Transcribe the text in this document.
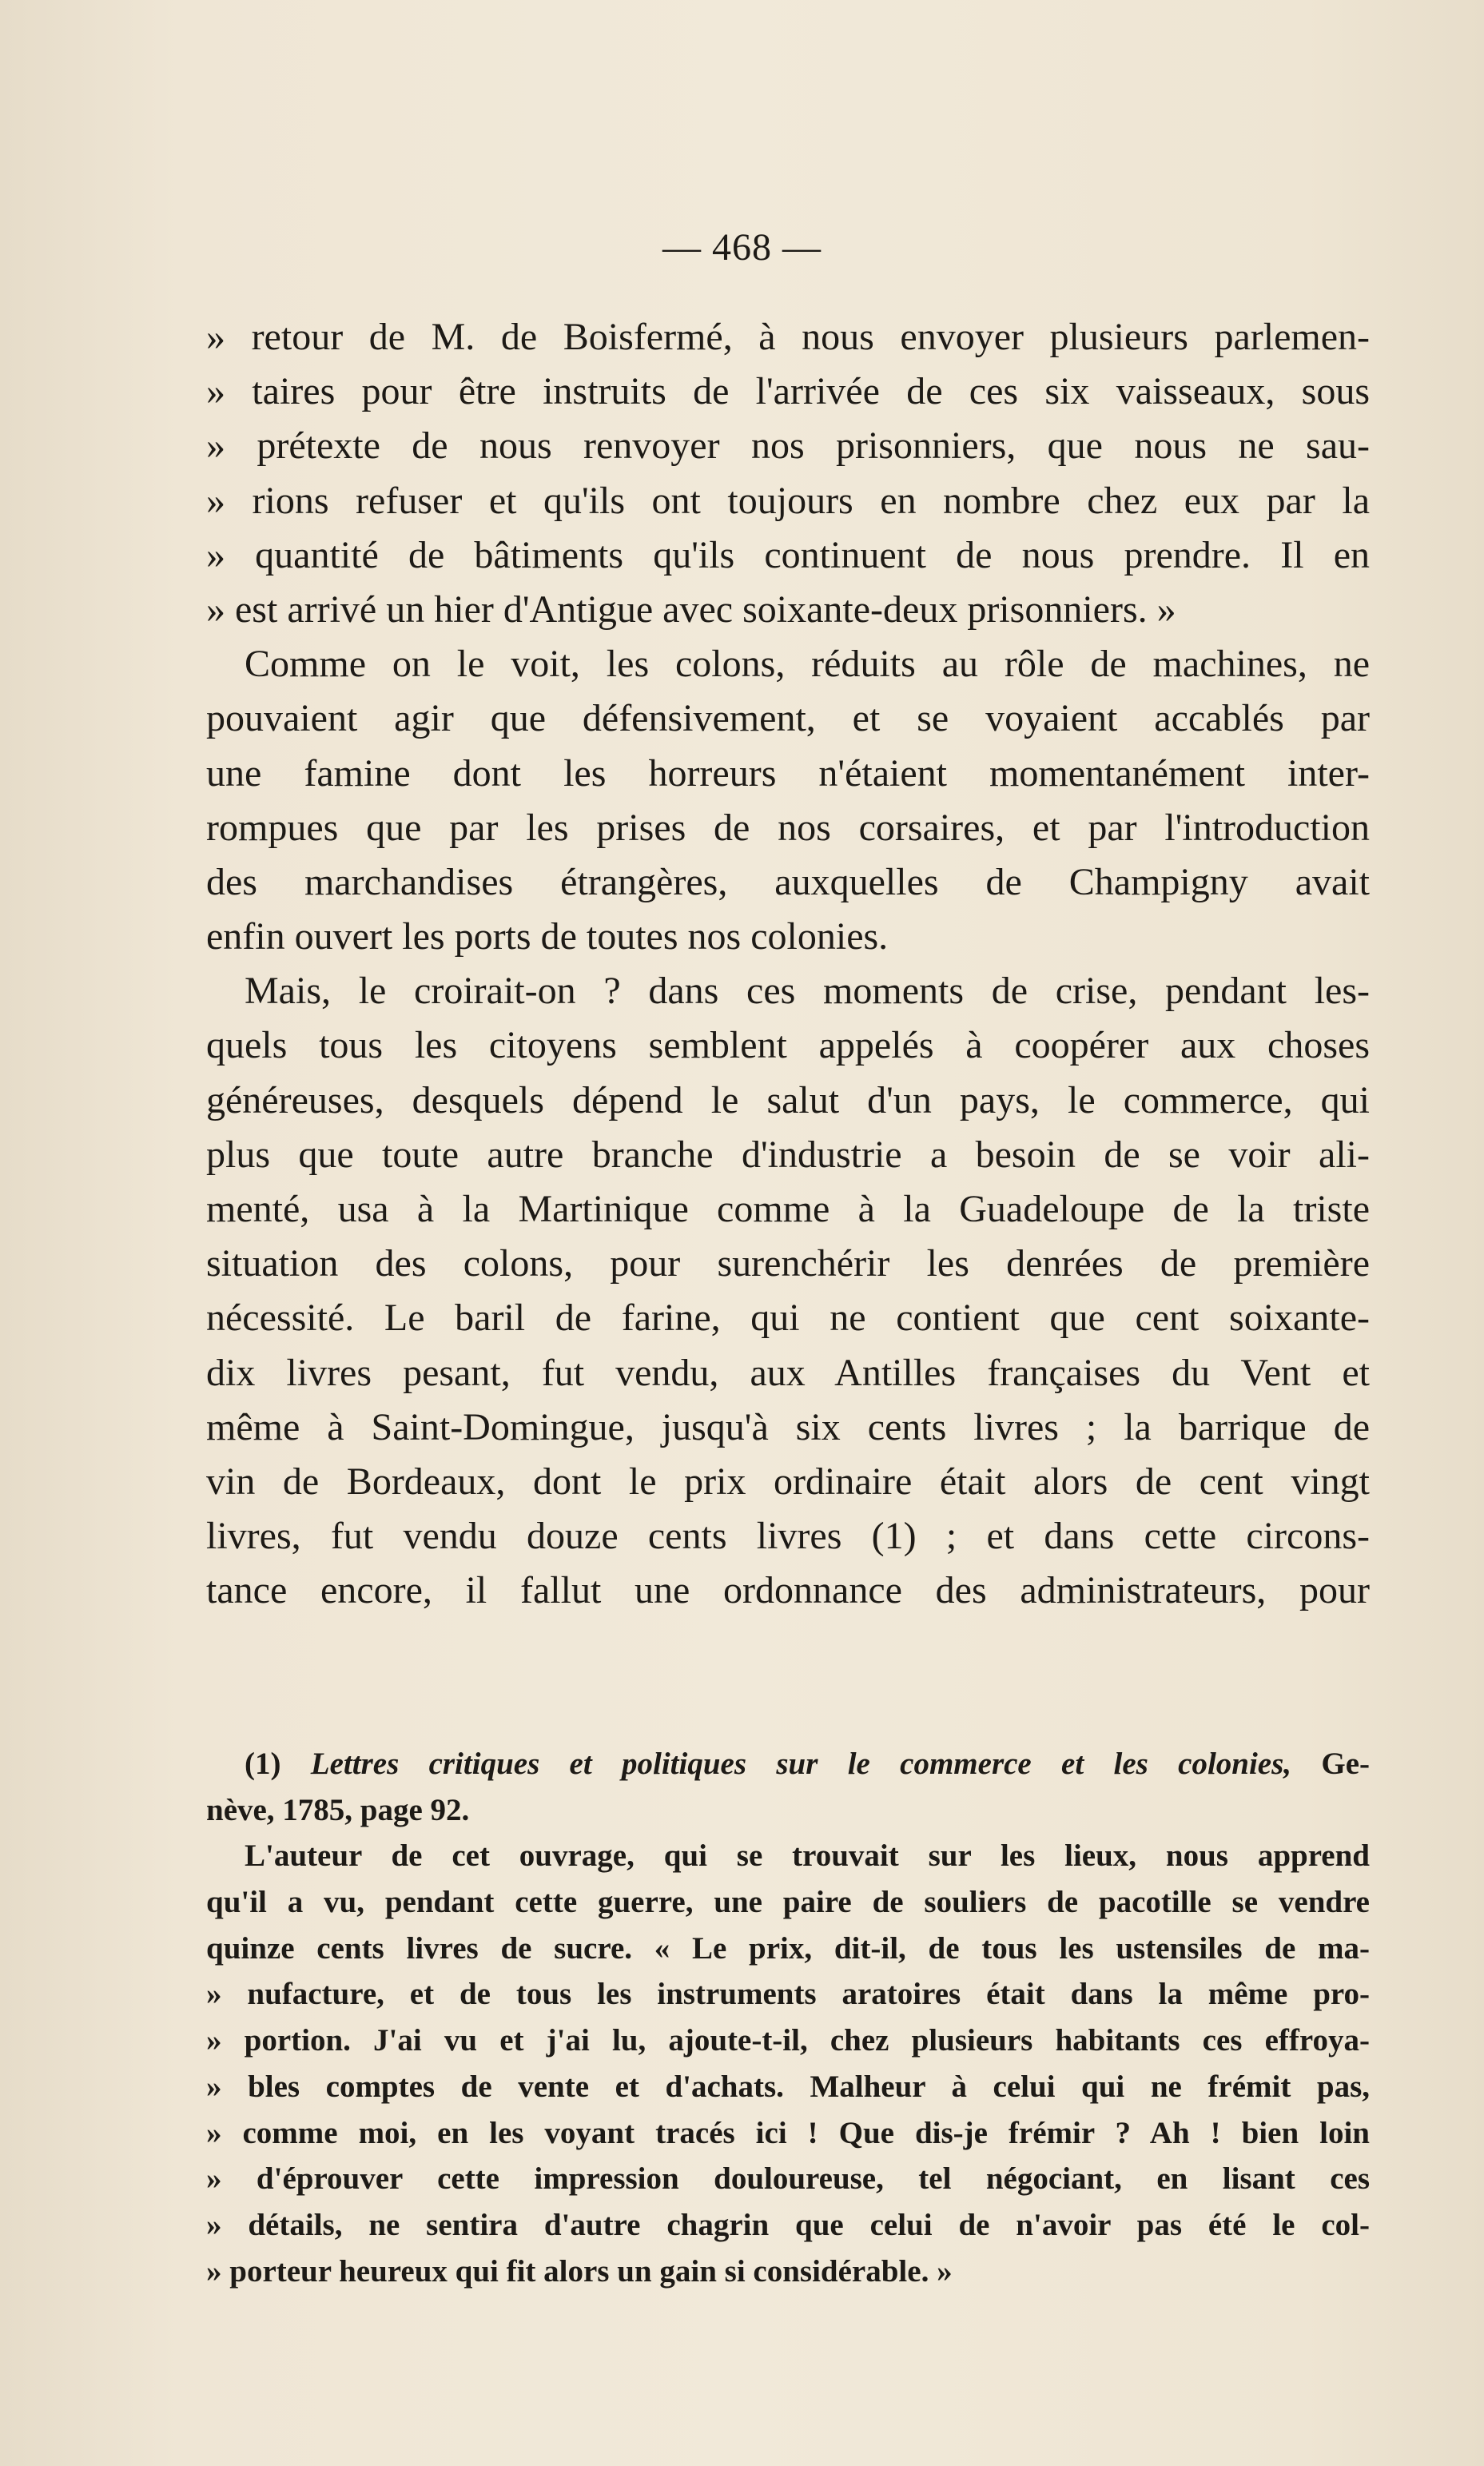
— 468 —
» retour de M. de Boisfermé, à nous envoyer plusieurs parlemen-
» taires pour être instruits de l'arrivée de ces six vaisseaux, sous
» prétexte de nous renvoyer nos prisonniers, que nous ne sau-
» rions refuser et qu'ils ont toujours en nombre chez eux par la
» quantité de bâtiments qu'ils continuent de nous prendre. Il en
» est arrivé un hier d'Antigue avec soixante-deux prisonniers. »
Comme on le voit, les colons, réduits au rôle de machines, ne
pouvaient agir que défensivement, et se voyaient accablés par
une famine dont les horreurs n'étaient momentanément inter-
rompues que par les prises de nos corsaires, et par l'introduction
des marchandises étrangères, auxquelles de Champigny avait
enfin ouvert les ports de toutes nos colonies.
Mais, le croirait-on ? dans ces moments de crise, pendant les-
quels tous les citoyens semblent appelés à coopérer aux choses
généreuses, desquels dépend le salut d'un pays, le commerce, qui
plus que toute autre branche d'industrie a besoin de se voir ali-
menté, usa à la Martinique comme à la Guadeloupe de la triste
situation des colons, pour surenchérir les denrées de première
nécessité. Le baril de farine, qui ne contient que cent soixante-
dix livres pesant, fut vendu, aux Antilles françaises du Vent et
même à Saint-Domingue, jusqu'à six cents livres ; la barrique de
vin de Bordeaux, dont le prix ordinaire était alors de cent vingt
livres, fut vendu douze cents livres (1) ; et dans cette circons-
tance encore, il fallut une ordonnance des administrateurs, pour
(1) Lettres critiques et politiques sur le commerce et les colonies, Ge-
nève, 1785, page 92.
L'auteur de cet ouvrage, qui se trouvait sur les lieux, nous apprend
qu'il a vu, pendant cette guerre, une paire de souliers de pacotille se vendre
quinze cents livres de sucre. « Le prix, dit-il, de tous les ustensiles de ma-
» nufacture, et de tous les instruments aratoires était dans la même pro-
» portion. J'ai vu et j'ai lu, ajoute-t-il, chez plusieurs habitants ces effroya-
» bles comptes de vente et d'achats. Malheur à celui qui ne frémit pas,
» comme moi, en les voyant tracés ici ! Que dis-je frémir ? Ah ! bien loin
» d'éprouver cette impression douloureuse, tel négociant, en lisant ces
» détails, ne sentira d'autre chagrin que celui de n'avoir pas été le col-
» porteur heureux qui fit alors un gain si considérable. »
